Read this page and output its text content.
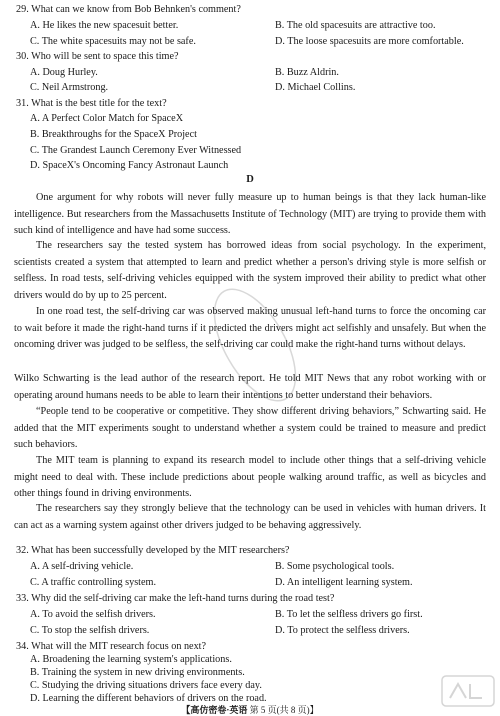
29. What can we know from Bob Behnken's comment?
A. He likes the new spacesuit better.	B. The old spacesuits are attractive too.
C. The white spacesuits may not be safe.	D. The loose spacesuits are more comfortable.
30. Who will be sent to space this time?
A. Doug Hurley.	B. Buzz Aldrin.
C. Neil Armstrong.	D. Michael Collins.
31. What is the best title for the text?
A. A Perfect Color Match for SpaceX
B. Breakthroughs for the SpaceX Project
C. The Grandest Launch Ceremony Ever Witnessed
D. SpaceX's Oncoming Fancy Astronaut Launch
D

One argument for why robots will never fully measure up to human beings is that they lack human-like intelligence. But researchers from the Massachusetts Institute of Technology (MIT) are trying to provide them with such kind of intelligence and have had some success.

The researchers say the tested system has borrowed ideas from social psychology. In the experiment, scientists created a system that attempted to learn and predict whether a person's driving style is more selfish or selfless. In road tests, self-driving vehicles equipped with the system improved their ability to predict what other drivers would do by up to 25 percent.

In one road test, the self-driving car was observed making unusual left-hand turns to force the oncoming car to wait before it made the right-hand turns if it predicted the drivers might act selfishly and unsafely. But when the oncoming driver was judged to be selfless, the self-driving car could make the right-hand turns without delays.

Wilko Schwarting is the lead author of the research report. He told MIT News that any robot working with or operating around humans needs to be able to learn their intentions to better understand their behaviors.

“People tend to be cooperative or competitive. They show different driving behaviors,” Schwarting said. He added that the MIT experiments sought to understand whether a system could be trained to measure and predict such behaviors.

The MIT team is planning to expand its research model to include other things that a self-driving vehicle might need to deal with. These include predictions about people walking around traffic, as well as bicycles and other things found in driving environments.

The researchers say they strongly believe that the technology can be used in vehicles with human drivers. It can act as a warning system against other drivers judged to be behaving aggressively.

32. What has been successfully developed by the MIT researchers?
A. A self-driving vehicle.	B. Some psychological tools.
C. A traffic controlling system.	D. An intelligent learning system.
33. Why did the self-driving car make the left-hand turns during the road test?
A. To avoid the selfish drivers.	B. To let the selfless drivers go first.
C. To stop the selfish drivers.	D. To protect the selfless drivers.
34. What will the MIT research focus on next?
A. Broadening the learning system's applications.
B. Training the system in new driving environments.
C. Studying the driving situations drivers face every day.
【高仿密卷·英语 第 5 页(共 8 页)】
D. Learning the different behaviors of drivers on the road.
